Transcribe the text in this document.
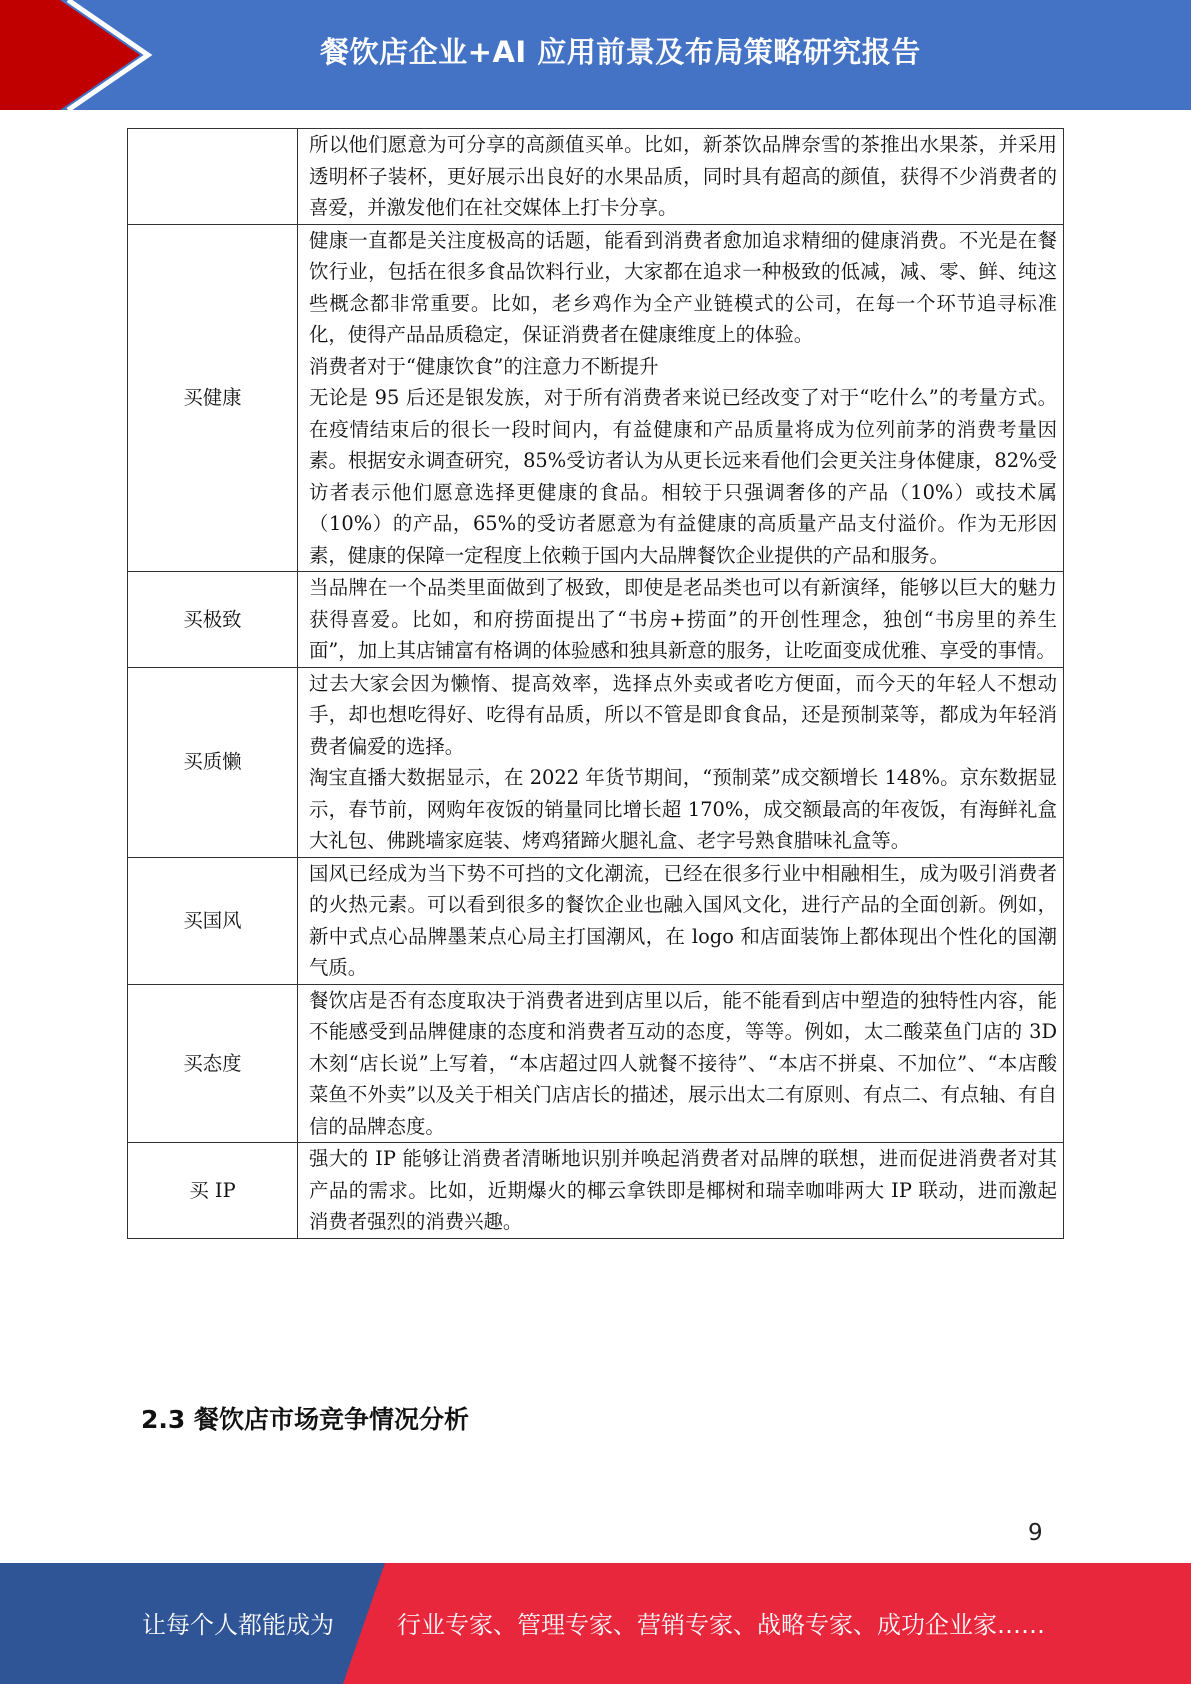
餐饮店企业+AI 应用前景及布局策略研究报告

	所以他们愿意为可分享的高颜值买单。比如，新茶饮品牌奈雪的茶推出水果茶，并采用透明杯子装杯，更好展示出良好的水果品质，同时具有超高的颜值，获得不少消费者的喜爱，并激发他们在社交媒体上打卡分享。

买健康	健康一直都是关注度极高的话题，能看到消费者愈加追求精细的健康消费。不光是在餐饮行业，包括在很多食品饮料行业，大家都在追求一种极致的低减，减、零、鲜、纯这些概念都非常重要。比如，老乡鸡作为全产业链模式的公司，在每一个环节追寻标准化，使得产品品质稳定，保证消费者在健康维度上的体验。
消费者对于“健康饮食”的注意力不断提升
无论是 95 后还是银发族，对于所有消费者来说已经改变了对于“吃什么”的考量方式。在疫情结束后的很长一段时间内，有益健康和产品质量将成为位列前茅的消费考量因素。根据安永调查研究，85%受访者认为从更长远来看他们会更关注身体健康，82%受访者表示他们愿意选择更健康的食品。相较于只强调奢侈的产品（10%）或技术属（10%）的产品，65%的受访者愿意为有益健康的高质量产品支付溢价。作为无形因素，健康的保障一定程度上依赖于国内大品牌餐饮企业提供的产品和服务。

买极致	当品牌在一个品类里面做到了极致，即使是老品类也可以有新演绎，能够以巨大的魅力获得喜爱。比如，和府捞面提出了“书房+捞面”的开创性理念，独创“书房里的养生面”，加上其店铺富有格调的体验感和独具新意的服务，让吃面变成优雅、享受的事情。

买质懒	过去大家会因为懒惰、提高效率，选择点外卖或者吃方便面，而今天的年轻人不想动手，却也想吃得好、吃得有品质，所以不管是即食食品，还是预制菜等，都成为年轻消费者偏爱的选择。
淘宝直播大数据显示，在 2022 年货节期间，“预制菜”成交额增长 148%。京东数据显示，春节前，网购年夜饭的销量同比增长超 170%，成交额最高的年夜饭，有海鲜礼盒大礼包、佛跳墙家庭装、烤鸡猪蹄火腿礼盒、老字号熟食腊味礼盒等。

买国风	国风已经成为当下势不可挡的文化潮流，已经在很多行业中相融相生，成为吸引消费者的火热元素。可以看到很多的餐饮企业也融入国风文化，进行产品的全面创新。例如，新中式点心品牌墨茉点心局主打国潮风，在 logo 和店面装饰上都体现出个性化的国潮气质。

买态度	餐饮店是否有态度取决于消费者进到店里以后，能不能看到店中塑造的独特性内容，能不能感受到品牌健康的态度和消费者互动的态度，等等。例如，太二酸菜鱼门店的 3D 木刻“店长说”上写着，“本店超过四人就餐不接待”、“本店不拼桌、不加位”、“本店酸菜鱼不外卖”以及关于相关门店店长的描述，展示出太二有原则、有点二、有点轴、有自信的品牌态度。

买 IP	强大的 IP 能够让消费者清晰地识别并唤起消费者对品牌的联想，进而促进消费者对其产品的需求。比如，近期爆火的椰云拿铁即是椰树和瑞幸咖啡两大 IP 联动，进而激起消费者强烈的消费兴趣。
2.3 餐饮店市场竞争情况分析
9
让每个人都能成为	行业专家、管理专家、营销专家、战略专家、成功企业家……
